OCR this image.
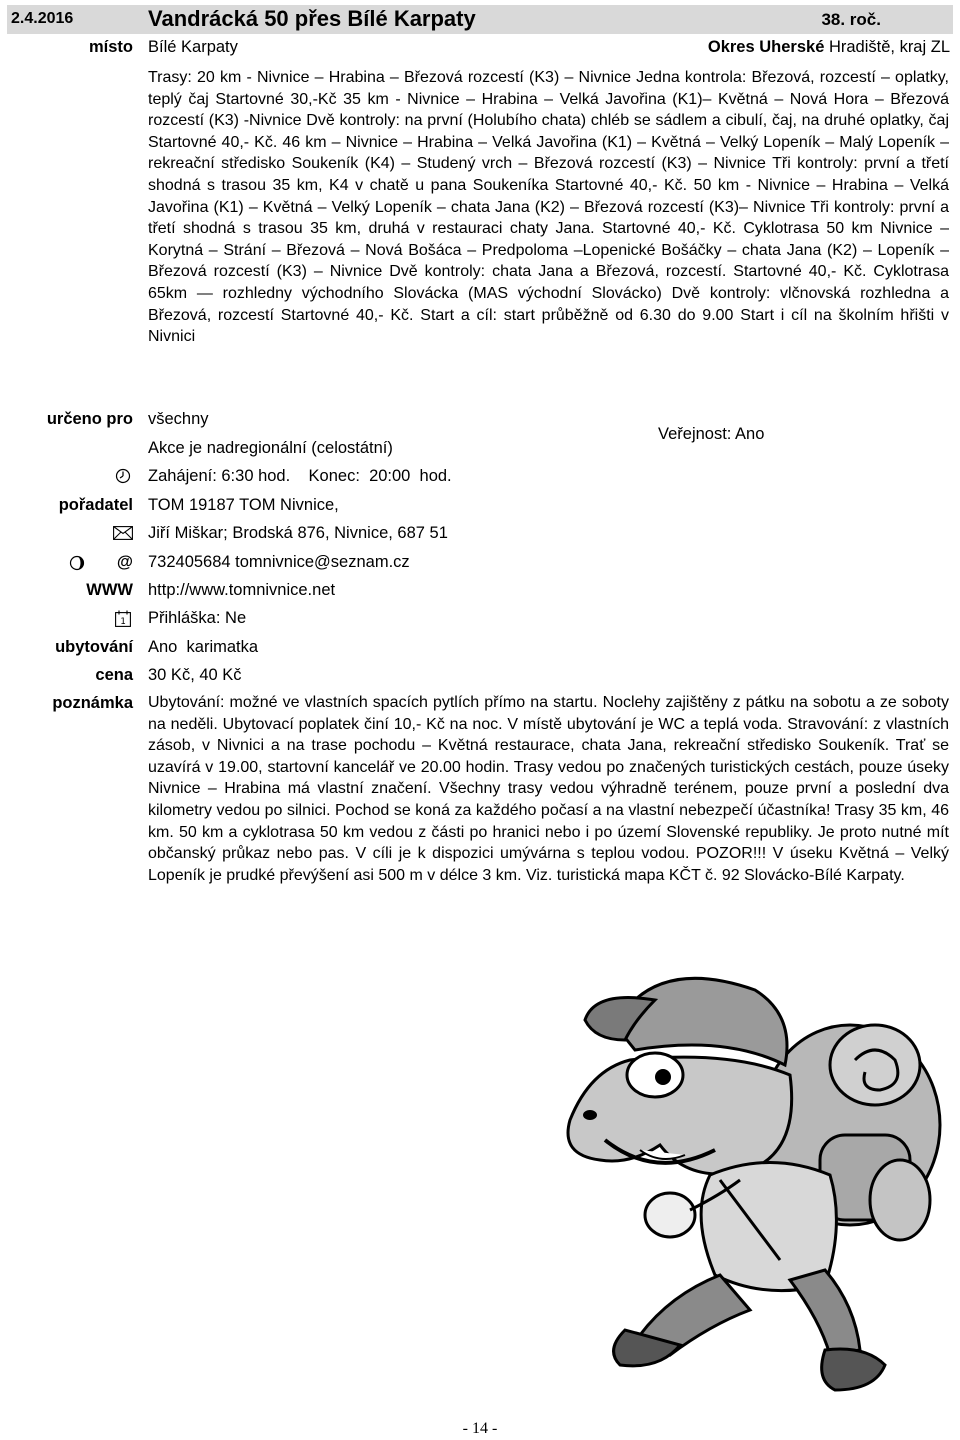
2.4.2016	Vandrácká 50 přes Bílé Karpaty	38. roč.
místo Bílé Karpaty	Okres Uherské Hradiště, kraj ZL
Trasy: 20 km - Nivnice – Hrabina – Březová rozcestí (K3) – Nivnice Jedna kontrola: Březová, rozcestí – oplatky, teplý čaj Startovné 30,-Kč 35 km - Nivnice – Hrabina – Velká Javořina (K1)– Květná – Nová Hora – Březová rozcestí (K3) -Nivnice Dvě kontroly: na první (Holubího chata) chléb se sádlem a cibulí, čaj, na druhé oplatky, čaj Startovné 40,- Kč. 46 km – Nivnice – Hrabina – Velká Javořina (K1) – Květná – Velký Lopeník – Malý Lopeník – rekreační středisko Soukeník (K4) – Studený vrch – Březová rozcestí (K3) – Nivnice Tři kontroly: první a třetí shodná s trasou 35 km, K4 v chatě u pana Soukeníka Startovné 40,- Kč. 50 km - Nivnice – Hrabina – Velká Javořina (K1) – Květná – Velký Lopeník – chata Jana (K2) – Březová rozcestí (K3)– Nivnice Tři kontroly: první a třetí shodná s trasou 35 km, druhá v restauraci chaty Jana. Startovné 40,- Kč. Cyklotrasa 50 km Nivnice – Korytná – Strání – Březová – Nová Bošáca – Predpoloma –Lopenické Bošáčky – chata Jana (K2) – Lopeník – Březová rozcestí (K3) – Nivnice Dvě kontroly: chata Jana a Březová, rozcestí. Startovné 40,- Kč. Cyklotrasa 65km — rozhledny východního Slovácka (MAS východní Slovácko) Dvě kontroly: vlčnovská rozhledna a Březová, rozcestí Startovné 40,- Kč. Start a cíl: start průběžně od 6.30 do 9.00 Start i cíl na školním hřišti v Nivnici
určeno pro všechny
Akce je nadregionální (celostátní)
Veřejnost: Ano
Zahájení: 6:30 hod.    Konec:  20:00  hod.
pořadatel TOM 19187 TOM Nivnice,
Jiří Miškar; Brodská 876, Nivnice, 687 51
@ 732405684 tomnivnice@seznam.cz
WWW http://www.tomnivnice.net
1 Přihláška: Ne
ubytování Ano  karimatka
cena 30 Kč, 40 Kč
poznámka Ubytování: možné ve vlastních spacích pytlích přímo na startu. Noclehy zajištěny z pátku na sobotu a ze soboty na neděli. Ubytovací poplatek činí 10,- Kč na noc. V místě ubytování je WC a teplá voda. Stravování: z vlastních zásob, v Nivnici a na trase pochodu – Květná restaurace, chata Jana, rekreační středisko Soukeník. Trať se uzavírá v 19.00, startovní kancelář ve 20.00 hodin. Trasy vedou po značených turistických cestách, pouze úseky Nivnice – Hrabina má vlastní značení. Všechny trasy vedou výhradně terénem, pouze první a poslední dva kilometry vedou po silnici. Pochod se koná za každého počasí a na vlastní nebezpečí účastníka! Trasy 35 km, 46 km. 50 km a cyklotrasa 50 km vedou z části po hranici nebo i po území Slovenské republiky. Je proto nutné mít občanský průkaz nebo pas. V cíli je k dispozici umývárna s teplou vodou. POZOR!!! V úseku Květná – Velký Lopeník je prudké převýšení asi 500 m v délce 3 km. Viz. turistická mapa KČT č. 92 Slovácko-Bílé Karpaty.
- 14 -
